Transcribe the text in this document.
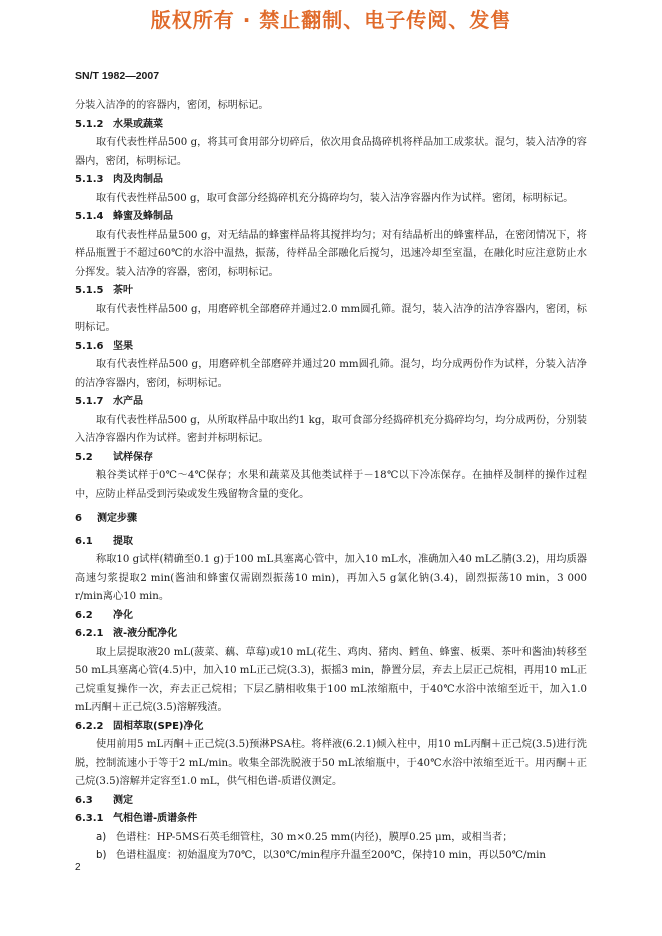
版权所有 · 禁止翻制、电子传阅、发售
SN/T 1982—2007

分装入洁净的的容器内，密闭，标明标记。

5.1.2 水果或蔬菜

取有代表性样品500 g，将其可食用部分切碎后，依次用食品捣碎机将样品加工成浆状。混匀，装入洁净的容器内，密闭，标明标记。

5.1.3 肉及肉制品

取有代表性样品500 g，取可食部分经捣碎机充分捣碎均匀，装入洁净容器内作为试样。密闭，标明标记。

5.1.4 蜂蜜及蜂制品

取有代表性样品量500 g，对无结晶的蜂蜜样品将其搅拌均匀；对有结晶析出的蜂蜜样品，在密闭情况下，将样品瓶置于不超过60℃的水浴中温热，振荡，待样品全部融化后搅匀，迅速冷却至室温，在融化时应注意防止水分挥发。装入洁净的容器，密闭，标明标记。

5.1.5 茶叶

取有代表性样品500 g，用磨碎机全部磨碎并通过2.0 mm圆孔筛。混匀，装入洁净的洁净容器内，密闭，标明标记。

5.1.6 坚果

取有代表性样品500 g，用磨碎机全部磨碎并通过20 mm圆孔筛。混匀，均分成两份作为试样，分装入洁净的洁净容器内，密闭，标明标记。

5.1.7 水产品

取有代表性样品500 g，从所取样品中取出约1 kg，取可食部分经捣碎机充分捣碎均匀，均分成两份，分别装入洁净容器内作为试样。密封并标明标记。

5.2 试样保存

粮谷类试样于0℃～4℃保存；水果和蔬菜及其他类试样于－18℃以下冷冻保存。在抽样及制样的操作过程中，应防止样品受到污染或发生残留物含量的变化。

6 测定步骤

6.1 提取

称取10 g试样(精确至0.1 g)于100 mL具塞离心管中，加入10 mL水，准确加入40 mL乙腈(3.2)，用均质器高速匀浆提取2 min(酱油和蜂蜜仅需剧烈振荡10 min)，再加入5 g氯化钠(3.4)，剧烈振荡10 min，3 000 r/min离心10 min。

6.2 净化

6.2.1 液-液分配净化

取上层提取液20 mL(菠菜、藕、草莓)或10 mL(花生、鸡肉、猪肉、鳕鱼、蜂蜜、板栗、茶叶和酱油)转移至50 mL具塞离心管(4.5)中，加入10 mL正己烷(3.3)，振摇3 min，静置分层，弃去上层正己烷相，再用10 mL正己烷重复操作一次，弃去正己烷相；下层乙腈相收集于100 mL浓缩瓶中，于40℃水浴中浓缩至近干，加入1.0 mL丙酮＋正己烷(3.5)溶解残渣。

6.2.2 固相萃取(SPE)净化

使用前用5 mL丙酮＋正己烷(3.5)预淋PSA柱。将样液(6.2.1)倾入柱中，用10 mL丙酮＋正己烷(3.5)进行洗脱，控制流速小于等于2 mL/min。收集全部洗脱液于50 mL浓缩瓶中，于40℃水浴中浓缩至近干。用丙酮＋正己烷(3.5)溶解并定容至1.0 mL，供气相色谱-质谱仪测定。

6.3 测定

6.3.1 气相色谱-质谱条件

a) 色谱柱：HP-5MS石英毛细管柱，30 m×0.25 mm(内径)，膜厚0.25 μm，或相当者；

b) 色谱柱温度：初始温度为70℃，以30℃/min程序升温至200℃，保持10 min，再以50℃/min

2
